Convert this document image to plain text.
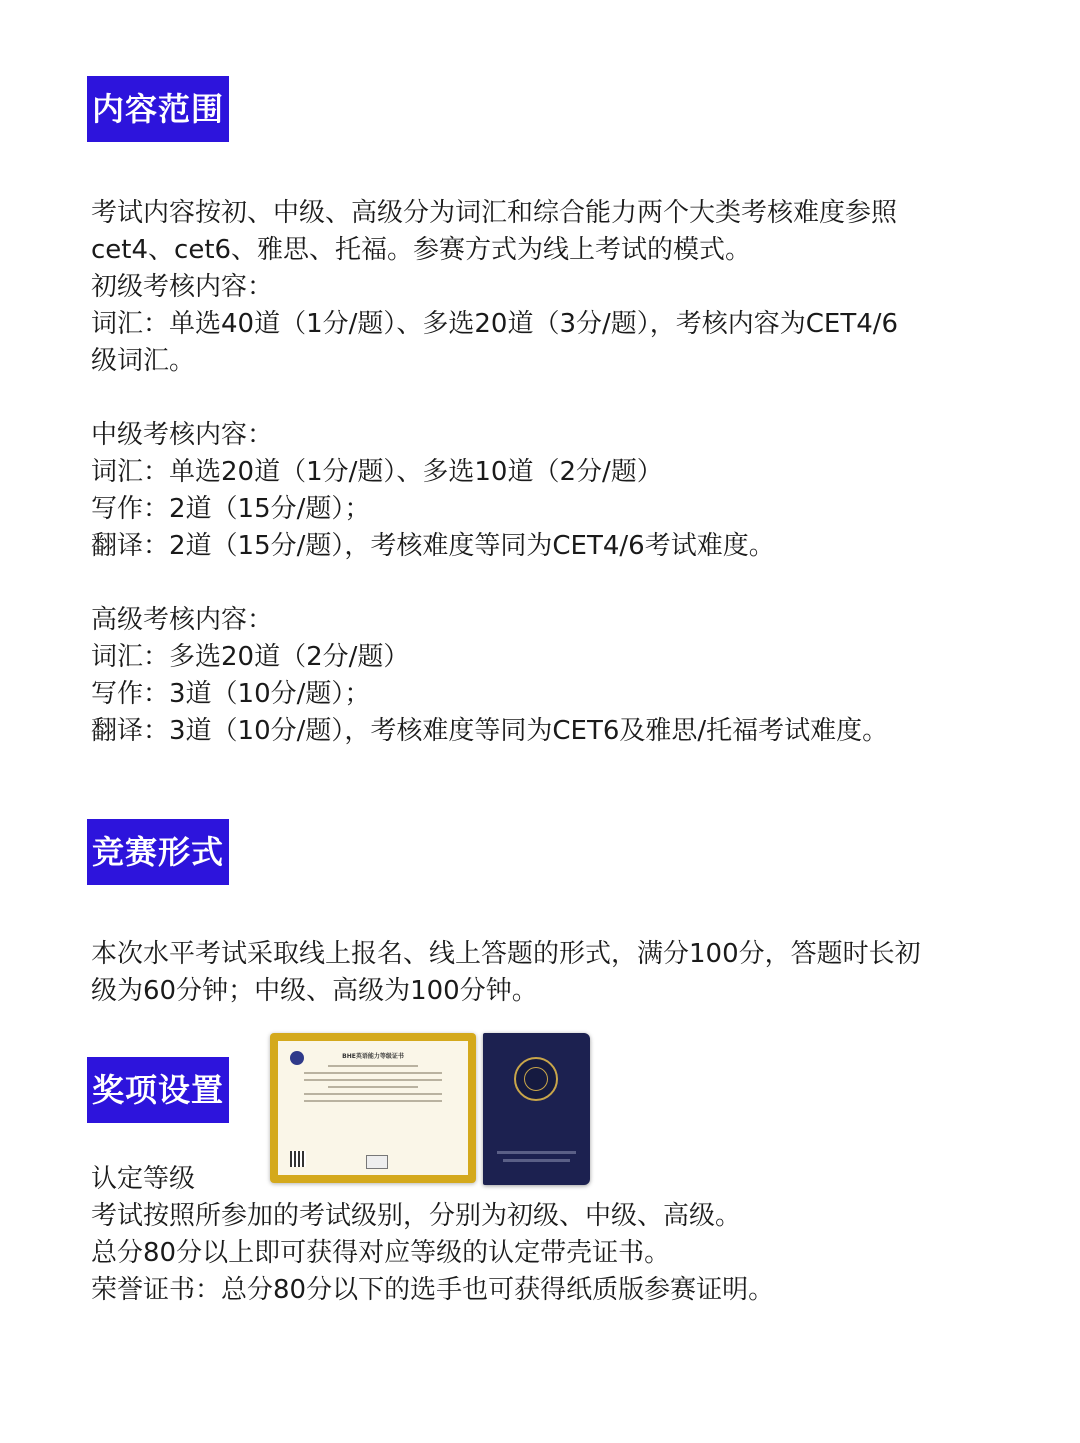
内容范围

考试内容按初、中级、高级分为词汇和综合能力两个大类考核难度参照

cet4、cet6、雅思、托福。参赛方式为线上考试的模式。

初级考核内容：

词汇：单选40道（1分/题）、多选20道（3分/题），考核内容为CET4/6

级词汇。

中级考核内容：

词汇：单选20道（1分/题）、多选10道（2分/题）

写作：2道（15分/题）；

翻译：2道（15分/题），考核难度等同为CET4/6考试难度。

高级考核内容：

词汇：多选20道（2分/题）

写作：3道（10分/题）；

翻译：3道（10分/题），考核难度等同为CET6及雅思/托福考试难度。

竞赛形式

本次水平考试采取线上报名、线上答题的形式，满分100分，答题时长初

级为60分钟；中级、高级为100分钟。

奖项设置
BHE英语能力等级证书

认定等级

考试按照所参加的考试级别，分别为初级、中级、高级。

总分80分以上即可获得对应等级的认定带壳证书。

荣誉证书：总分80分以下的选手也可获得纸质版参赛证明。
